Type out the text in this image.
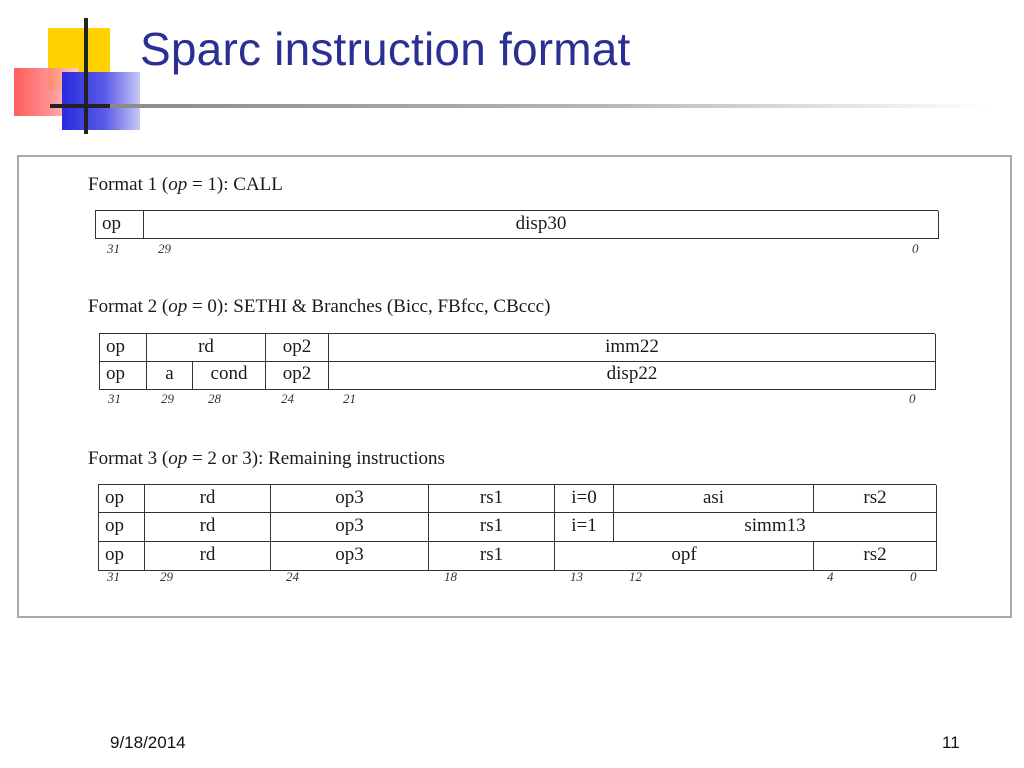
Sparc instruction format
Format 1 (op = 1): CALL
op	disp30
31	29	0
Format 2 (op = 0): SETHI & Branches (Bicc, FBfcc, CBccc)
op	rd	op2	imm22
op	a	cond	op2	disp22
31	29	28	24	21	0
Format 3 (op = 2 or 3): Remaining instructions
op	rd	op3	rs1	i=0	asi	rs2
op	rd	op3	rs1	i=1	simm13
op	rd	op3	rs1	opf	rs2
31	29	24	18	13	12	4	0
9/18/2014	11
